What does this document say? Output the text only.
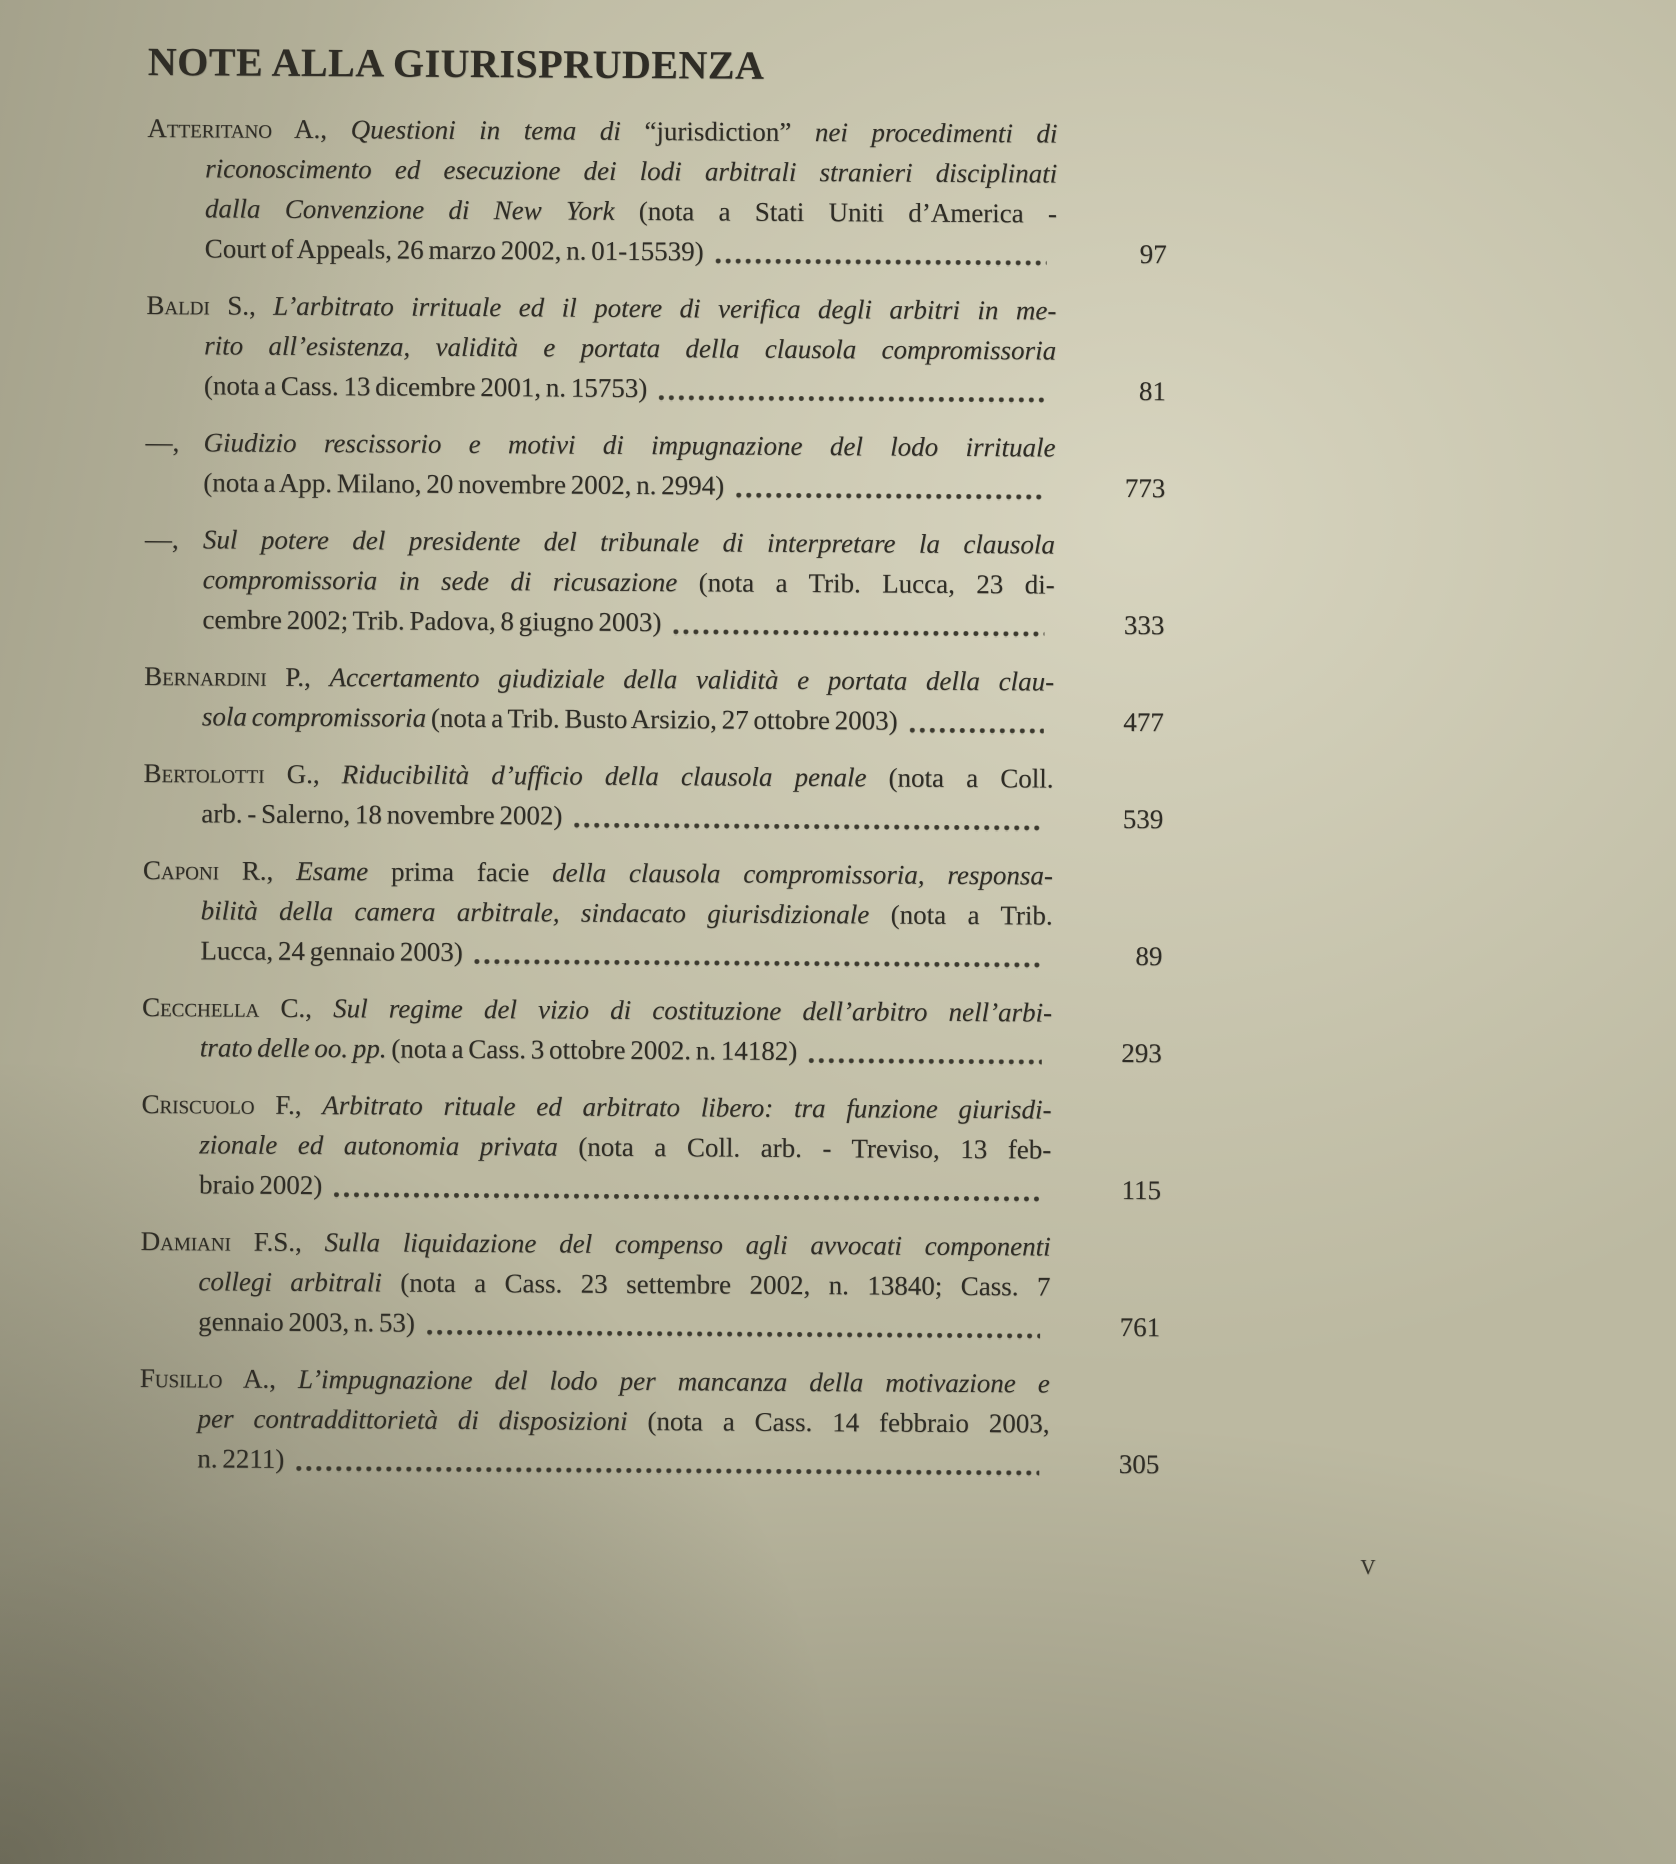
NOTE ALLA GIURISPRUDENZA
Atteritano A., Questioni in tema di “jurisdiction” nei procedimenti di
riconoscimento ed esecuzione dei lodi arbitrali stranieri disciplinati
dalla Convenzione di New York (nota a Stati Uniti d’America -
Court of Appeals, 26 marzo 2002, n. 01-15539)	97
Baldi S., L’arbitrato irrituale ed il potere di verifica degli arbitri in me-
rito all’esistenza, validità e portata della clausola compromissoria
(nota a Cass. 13 dicembre 2001, n. 15753)	81
—, Giudizio rescissorio e motivi di impugnazione del lodo irrituale
(nota a App. Milano, 20 novembre 2002, n. 2994)	773
—, Sul potere del presidente del tribunale di interpretare la clausola
compromissoria in sede di ricusazione (nota a Trib. Lucca, 23 di-
cembre 2002; Trib. Padova, 8 giugno 2003)	333
Bernardini P., Accertamento giudiziale della validità e portata della clau-
sola compromissoria (nota a Trib. Busto Arsizio, 27 ottobre 2003)	477
Bertolotti G., Riducibilità d’ufficio della clausola penale (nota a Coll.
arb. - Salerno, 18 novembre 2002)	539
Caponi R., Esame prima facie della clausola compromissoria, responsa-
bilità della camera arbitrale, sindacato giurisdizionale (nota a Trib.
Lucca, 24 gennaio 2003)	89
Cecchella C., Sul regime del vizio di costituzione dell’arbitro nell’arbi-
trato delle oo. pp. (nota a Cass. 3 ottobre 2002. n. 14182)	293
Criscuolo F., Arbitrato rituale ed arbitrato libero: tra funzione giurisdi-
zionale ed autonomia privata (nota a Coll. arb. - Treviso, 13 feb-
braio 2002)	115
Damiani F.S., Sulla liquidazione del compenso agli avvocati componenti
collegi arbitrali (nota a Cass. 23 settembre 2002, n. 13840; Cass. 7
gennaio 2003, n. 53)	761
Fusillo A., L’impugnazione del lodo per mancanza della motivazione e
per contraddittorietà di disposizioni (nota a Cass. 14 febbraio 2003,
n. 2211)	305
v
